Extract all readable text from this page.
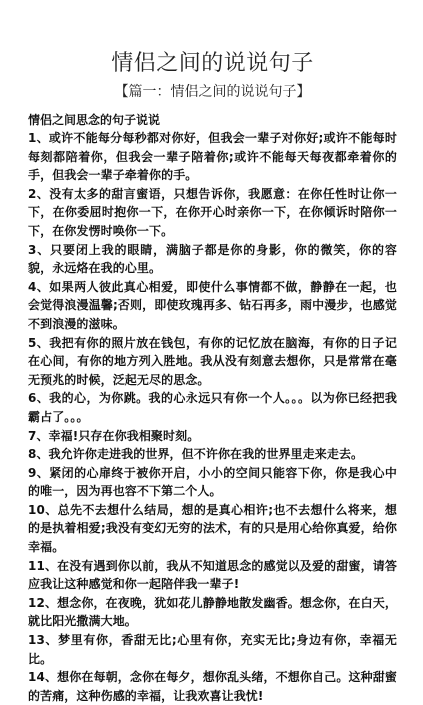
情侣之间的说说句子
【篇一：情侣之间的说说句子】
情侣之间思念的句子说说
1、或许不能每分每秒都对你好，但我会一辈子对你好;或许不能每时每刻都陪着你，但我会一辈子陪着你;或许不能每天每夜都牵着你的手，但我会一辈子牵着你的手。
2、没有太多的甜言蜜语，只想告诉你，我愿意：在你任性时让你一下，在你委屈时抱你一下，在你开心时亲你一下，在你倾诉时陪你一下，在你发愣时唤你一下。
3、只要闭上我的眼睛，满脑子都是你的身影，你的微笑，你的容貌，永远烙在我的心里。
4、如果两人彼此真心相爱，即使什么事情都不做，静静在一起，也会觉得浪漫温馨;否则，即使玫瑰再多、钻石再多，雨中漫步，也感觉不到浪漫的滋味。
5、我把有你的照片放在钱包，有你的记忆放在脑海，有你的日子记在心间，有你的地方列入胜地。我从没有刻意去想你，只是常常在毫无预兆的时候，泛起无尽的思念。
6、我的心，为你跳。我的心永远只有你一个人。。。以为你已经把我霸占了。。。
7、幸福!只存在你我相聚时刻。
8、我允许你走进我的世界，但不许你在我的世界里走来走去。
9、紧闭的心扉终于被你开启，小小的空间只能容下你，你是我心中的唯一，因为再也容不下第二个人。
10、总先不去想什么结局，想的是真心相许;也不去想什么将来，想的是执着相爱;我没有变幻无穷的法术，有的只是用心给你真爱，给你幸福。
11、在没有遇到你以前，我从不知道思念的感觉以及爱的甜蜜，请答应我让这种感觉和你一起陪伴我一辈子!
12、想念你，在夜晚，犹如花儿静静地散发幽香。想念你，在白天，就比阳光撒满大地。
13、梦里有你，香甜无比;心里有你，充实无比;身边有你，幸福无比。
14、想你在每朝，念你在每夕，想你乱头绪，不想你自己。这种甜蜜的苦痛，这种伤感的幸福，让我欢喜让我忧!
